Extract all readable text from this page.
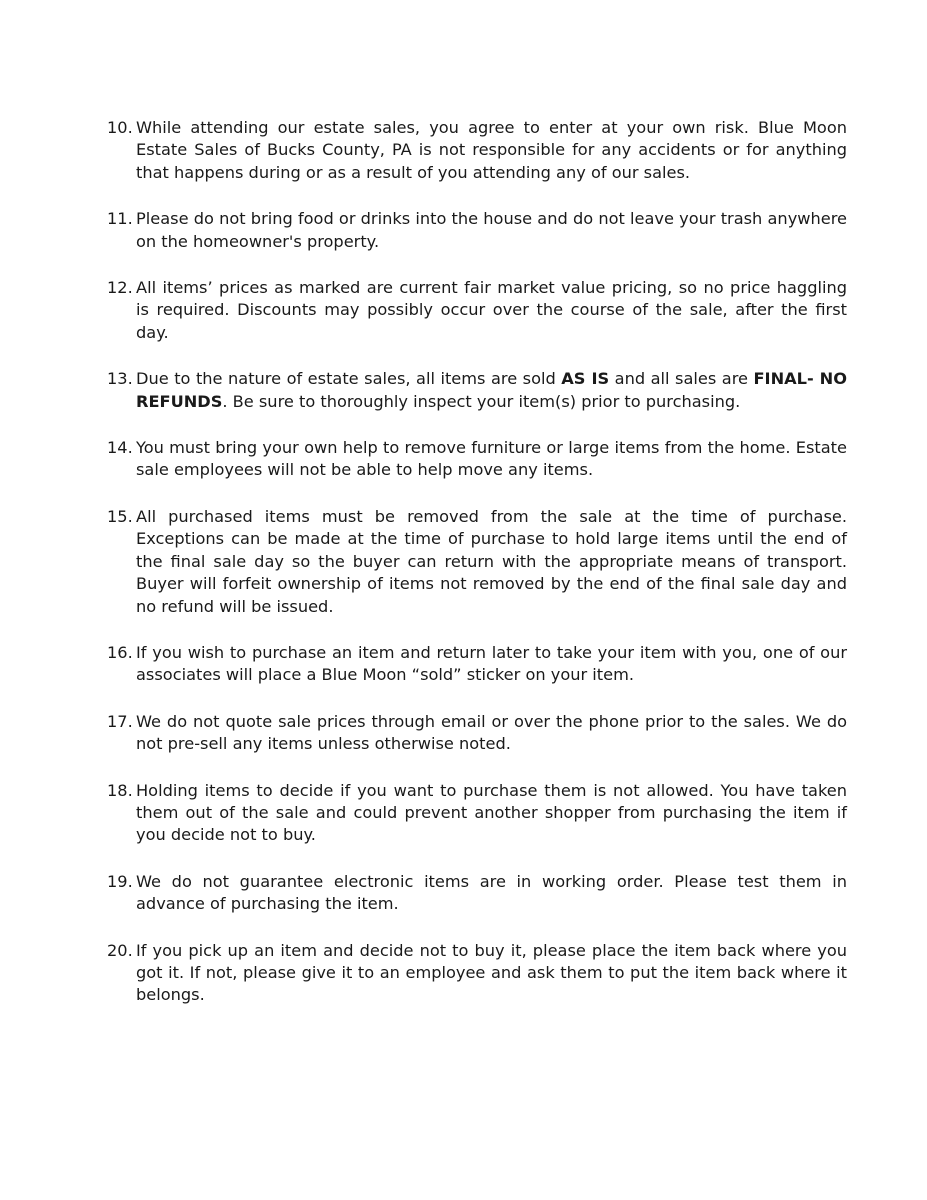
10. While attending our estate sales, you agree to enter at your own risk. Blue Moon Estate Sales of Bucks County, PA is not responsible for any accidents or for anything that happens during or as a result of you attending any of our sales.
11. Please do not bring food or drinks into the house and do not leave your trash anywhere on the homeowner's property.
12. All items’ prices as marked are current fair market value pricing, so no price haggling is required. Discounts may possibly occur over the course of the sale, after the first day.
13. Due to the nature of estate sales, all items are sold AS IS and all sales are FINAL- NO REFUNDS. Be sure to thoroughly inspect your item(s) prior to purchasing.
14. You must bring your own help to remove furniture or large items from the home. Estate sale employees will not be able to help move any items.
15. All purchased items must be removed from the sale at the time of purchase. Exceptions can be made at the time of purchase to hold large items until the end of the final sale day so the buyer can return with the appropriate means of transport. Buyer will forfeit ownership of items not removed by the end of the final sale day and no refund will be issued.
16. If you wish to purchase an item and return later to take your item with you, one of our associates will place a Blue Moon “sold” sticker on your item.
17. We do not quote sale prices through email or over the phone prior to the sales. We do not pre-sell any items unless otherwise noted.
18. Holding items to decide if you want to purchase them is not allowed. You have taken them out of the sale and could prevent another shopper from purchasing the item if you decide not to buy.
19. We do not guarantee electronic items are in working order. Please test them in advance of purchasing the item.
20. If you pick up an item and decide not to buy it, please place the item back where you got it. If not, please give it to an employee and ask them to put the item back where it belongs.
